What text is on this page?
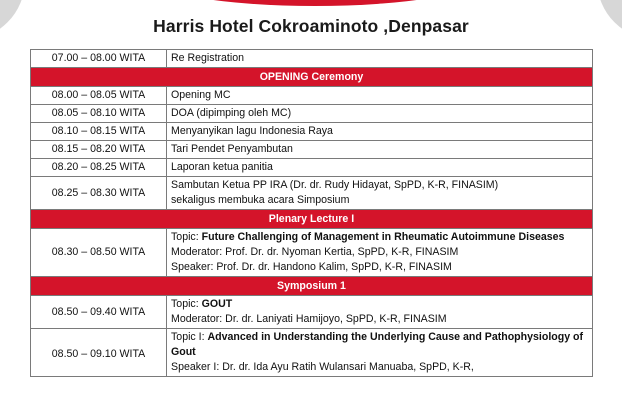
Harris Hotel Cokroaminoto ,Denpasar
07.00 – 08.00 WITA	Re Registration
OPENING Ceremony	
08.00 – 08.05 WITA	Opening MC
08.05 – 08.10 WITA	DOA (dipimping oleh MC)
08.10 – 08.15 WITA	Menyanyikan lagu Indonesia Raya
08.15 – 08.20 WITA	Tari Pendet Penyambutan
08.20 – 08.25 WITA	Laporan ketua panitia
08.25 – 08.30 WITA	Sambutan Ketua PP IRA (Dr. dr. Rudy Hidayat, SpPD, K-R, FINASIM)
sekaligus membuka acara Simposium

Plenary Lecture I	
08.30 – 08.50 WITA	Topic: Future Challenging of Management in Rheumatic Autoimmune Diseases
Moderator: Prof. Dr. dr. Nyoman Kertia, SpPD, K-R, FINASIM
Speaker: Prof. Dr. dr. Handono Kalim, SpPD, K-R, FINASIM

Symposium 1	
08.50 – 09.40 WITA	Topic: GOUT
Moderator: Dr. dr. Laniyati Hamijoyo, SpPD, K-R, FINASIM

08.50 – 09.10 WITA	Topic I: Advanced in Understanding the Underlying Cause and Pathophysiology of Gout
Speaker I: Dr. dr. Ida Ayu Ratih Wulansari Manuaba, SpPD, K-R,
